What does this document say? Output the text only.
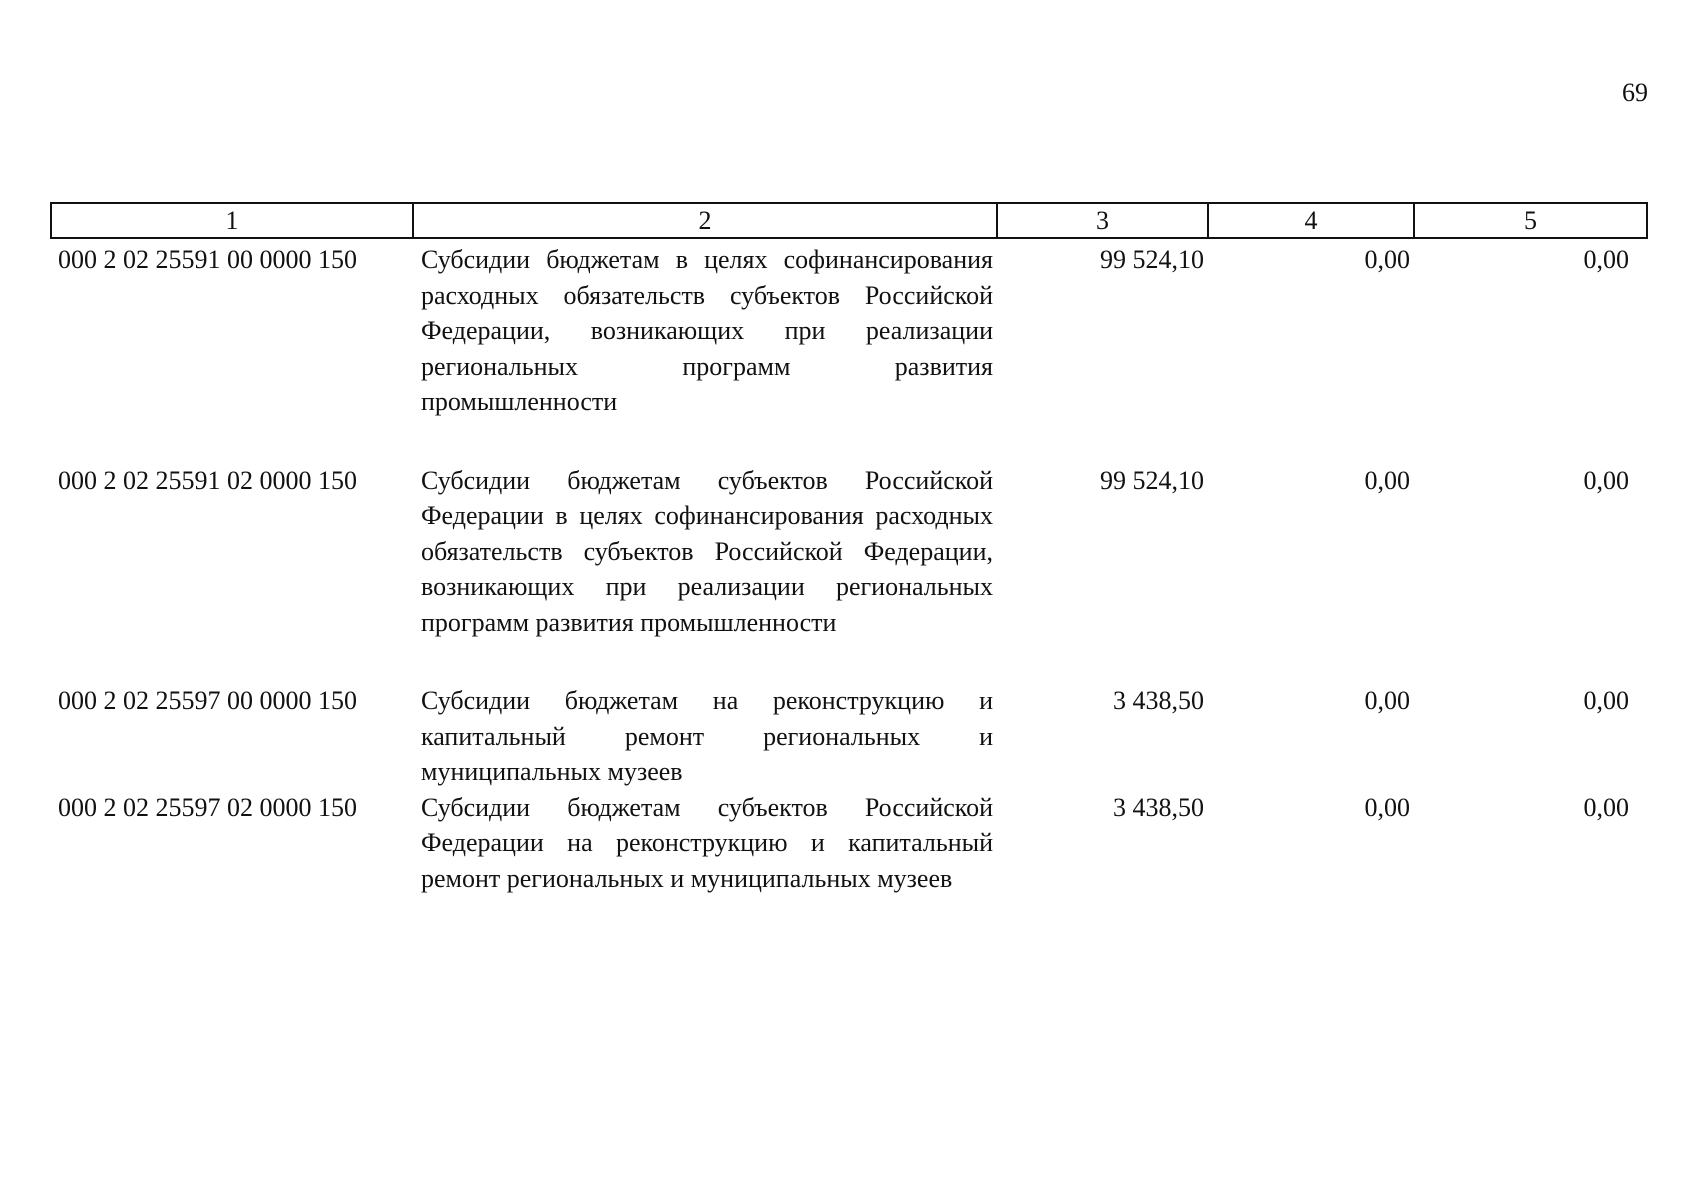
69
1	2	3	4	5
000 2 02 25591 00 0000 150	Субсидии бюджетам в целях софинансирования расходных обязательств субъектов Российской Федерации, возникающих при реализации региональных программ развития промышленности	99 524,10	0,00	0,00
000 2 02 25591 02 0000 150	Субсидии бюджетам субъектов Российской Федерации в целях софинансирования расходных обязательств субъектов Российской Федерации, возникающих при реализации региональных программ развития промышленности	99 524,10	0,00	0,00
000 2 02 25597 00 0000 150	Субсидии бюджетам на реконструкцию и капитальный ремонт региональных и муниципальных музеев	3 438,50	0,00	0,00
000 2 02 25597 02 0000 150	Субсидии бюджетам субъектов Российской Федерации на реконструкцию и капитальный ремонт региональных и муниципальных музеев	3 438,50	0,00	0,00
